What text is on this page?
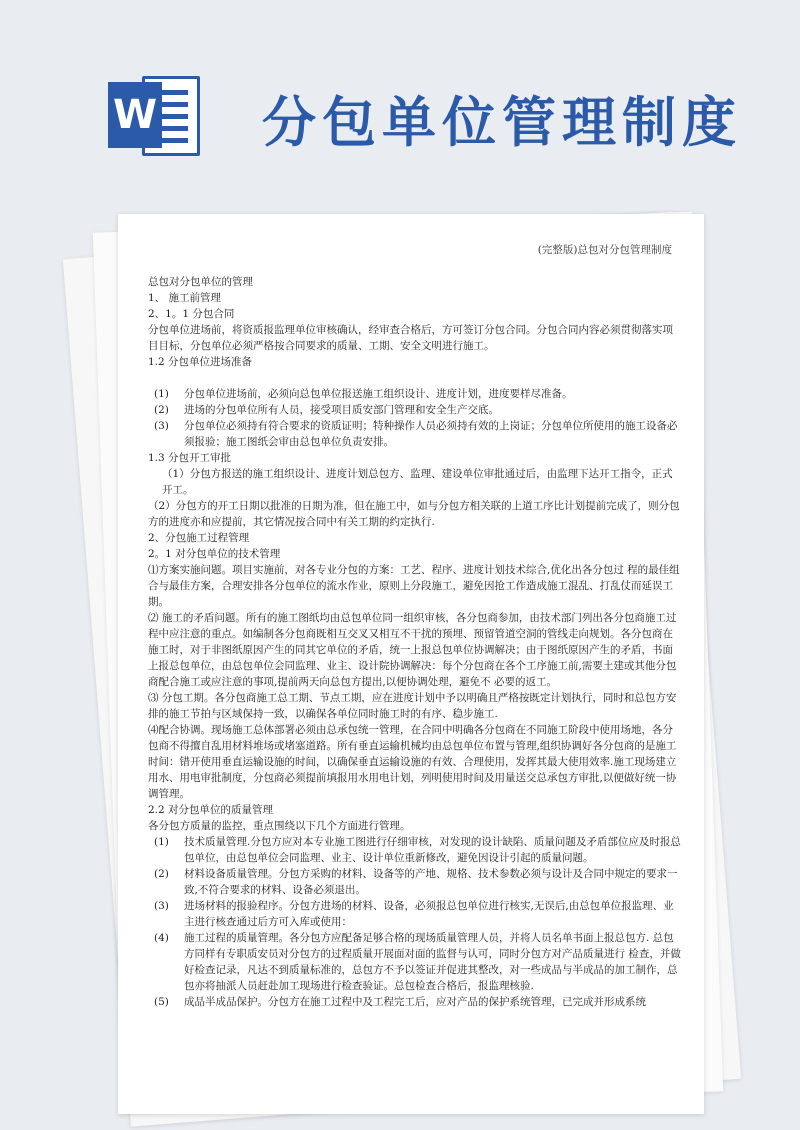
W 分包单位管理制度
(完整版)总包对分包管理制度

总包对分包单位的管理

1、 施工前管理

2、1。1 分包合同

分包单位进场前，将资质报监理单位审核确认，经审查合格后，方可签订分包合同。分包合同内容必须贯彻落实项目目标，分包单位必须严格按合同要求的质量、工期、安全文明进行施工。

1.2 分包单位进场准备

(1)	分包单位进场前，必须向总包单位报送施工组织设计、进度计划，进度要样尽准备。
(2)	进场的分包单位所有人员，接受项目质安部门管理和安全生产交底。
(3)	分包单位必须持有符合要求的资质证明；特种操作人员必须持有效的上岗证；分包单位所使用的施工设备必须报验；施工图纸会审由总包单位负责安排。

1.3 分包开工审批

（1）分包方报送的施工组织设计、进度计划总包方、监理、建设单位审批通过后，由监理下达开工指令，正式开工。

（2）分包方的开工日期以批准的日期为准，但在施工中，如与分包方相关联的上道工序比计划提前完成了，则分包方的进度亦和应提前，其它情况按合同中有关工期的约定执行.

2、分包施工过程管理

2。1 对分包单位的技术管理

⑴方案实施问题。项目实施前，对各专业分包的方案：工艺、程序、进度计划技术综合,优化出各分包过 程的最佳组合与最佳方案，合理安排各分包单位的流水作业，原则上分段施工，避免因抢工作造成施工混乱、打乱仗而延误工期。

⑵ 施工的矛盾问题。所有的施工图纸均由总包单位同一组织审核，各分包商参加，由技术部门列出各分包商施工过程中应注意的重点。如编制各分包商既相互交叉又相互不干扰的预埋、预留管道空洞的管线走向规划。各分包商在施工时，对于非图纸原因产生的同其它单位的矛盾，统一上报总包单位协调解决；由于图纸原因产生的矛盾，书面上报总包单位，由总包单位会同监理、业主、设计院协调解决：每个分包商在各个工序施工前,需要土建或其他分包商配合施工或应注意的事项,提前两天向总包方提出,以便协调处理，避免不 必要的返工。

⑶ 分包工期。各分包商施工总工期、节点工期，应在进度计划中予以明确且严格按既定计划执行，同时和总包方安排的施工节拍与区域保持一致，以确保各单位同时施工时的有序、稳步施工.

⑷配合协调。现场施工总体部署必须由总承包统一管理，在合同中明确各分包商在不同施工阶段中使用场地，各分包商不得擅自乱用材料堆场或堵塞道路。所有垂直运输机械均由总包单位布置与管理,组织协调好各分包商的是施工时间：错开使用垂直运输设施的时间，以确保垂直运输设施的有效、合理使用，发挥其最大使用效率.施工现场建立用水、用电审批制度，分包商必须提前填报用水用电计划，列明使用时间及用量送交总承包方审批,以便做好统一协调管理。

2.2 对分包单位的质量管理

各分包方质量的监控，重点围绕以下几个方面进行管理。

(1)	技术质量管理.分包方应对本专业施工图进行仔细审核，对发现的设计缺陷、质量问题及矛盾部位应及时报总包单位，由总包单位会同监理、业主、设计单位重新修改，避免因设计引起的质量问题。
(2)	材料设备质量管理。分包方采购的材料、设备等的产地、规格、技术参数必须与设计及合同中规定的要求一致,不符合要求的材料、设备必须退出。
(3)	进场材料的报验程序。分包方进场的材料、设备，必须报总包单位进行核实,无误后,由总包单位报监理、业主进行核查通过后方可入库或使用：
(4)	施工过程的质量管理。各分包方应配备足够合格的现场质量管理人员，并将人员名单书面上报总包方. 总包方同样有专职质安员对分包方的过程质量开展面对面的监督与认可，同时分包方对产品质量进行 检查，并做好检查记录，凡达不到质量标准的，总包方不予以签证并促进其整改，对一些成品与半成品的加工制作，总包亦将抽派人员赶赴加工现场进行检查验证。总包检查合格后，报监理核验.
(5)	成品半成品保护。分包方在施工过程中及工程完工后，应对产品的保护系统管理，已完成并形成系统
